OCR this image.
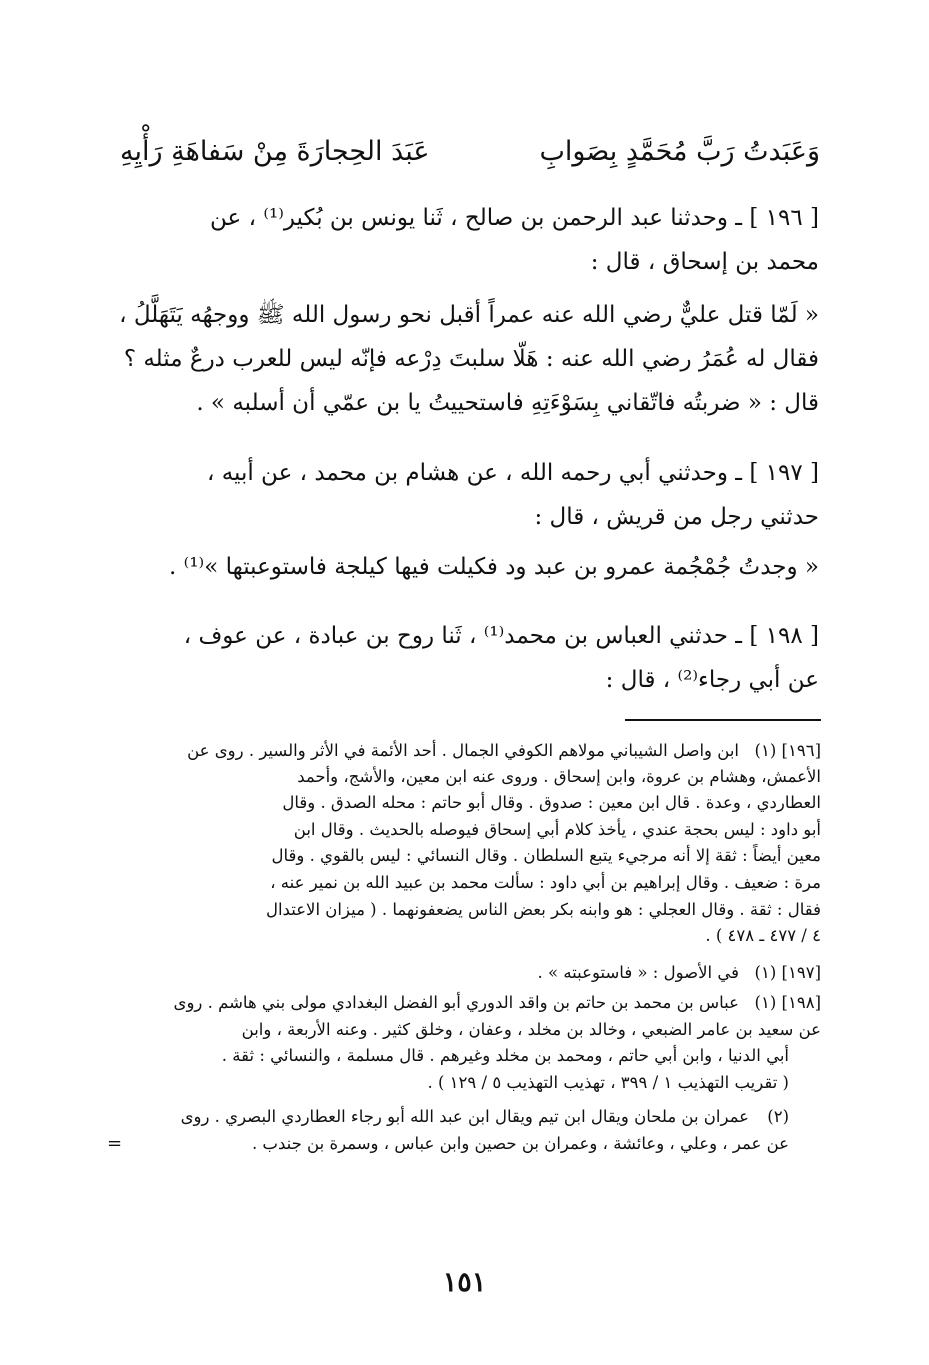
وَعَبَدتُ رَبَّ مُحَمَّدٍ بِصَوابِ
عَبَدَ الحِجارَةَ مِنْ سَفاهَةِ رَأْيِهِ
[ ١٩٦ ] ـ وحدثنا عبد الرحمن بن صالح ، ثَنا يونس بن بُكير⁽¹⁾ ، عن
محمد بن إسحاق ، قال :
« لَمّا قتل عليٌّ رضي الله عنه عمراً أقبل نحو رسول الله ﷺ ووجهُه يَتَهَلَّلُ ،
فقال له عُمَرُ رضي الله عنه : هَلّا سلبتَ دِرْعه فإنّه ليس للعرب درعٌ مثله ؟
قال : « ضربتُه فاتّقاني بِسَوْءَتِهِ فاستحييتُ يا بن عمّي أن أسلبه » .
[ ١٩٧ ] ـ وحدثني أبي رحمه الله ، عن هشام بن محمد ، عن أبيه ،
حدثني رجل من قريش ، قال :
« وجدتُ جُمْجُمة عمرو بن عبد ود فكيلت فيها كيلجة فاستوعبتها »⁽¹⁾ .
[ ١٩٨ ] ـ حدثني العباس بن محمد⁽¹⁾ ، ثَنا روح بن عبادة ، عن عوف ،
عن أبي رجاء⁽²⁾ ، قال :
[١٩٦] (١)
ابن واصل الشيباني مولاهم الكوفي الجمال . أحد الأئمة في الأثر والسير . روى عن
الأعمش، وهشام بن عروة، وابن إسحاق . وروى عنه ابن معين، والأشج، وأحمد
العطاردي ، وعدة . قال ابن معين : صدوق . وقال أبو حاتم : محله الصدق . وقال
أبو داود : ليس بحجة عندي ، يأخذ كلام أبي إسحاق فيوصله بالحديث . وقال ابن
معين أيضاً : ثقة إلا أنه مرجيء يتبع السلطان . وقال النسائي : ليس بالقوي . وقال
مرة : ضعيف . وقال إبراهيم بن أبي داود : سألت محمد بن عبيد الله بن نمير عنه ،
فقال : ثقة . وقال العجلي : هو وابنه بكر بعض الناس يضعفونهما . ( ميزان الاعتدال
٤ / ٤٧٧ ـ ٤٧٨ ) .
[١٩٧] (١)
في الأصول : « فاستوعبته » .
[١٩٨] (١)
عباس بن محمد بن حاتم بن واقد الدوري أبو الفضل البغدادي مولى بني هاشم . روى
عن سعيد بن عامر الضبعي ، وخالد بن مخلد ، وعفان ، وخلق كثير . وعنه الأربعة ، وابن
أبي الدنيا ، وابن أبي حاتم ، ومحمد بن مخلد وغيرهم . قال مسلمة ، والنسائي : ثقة .
( تقريب التهذيب ١ / ٣٩٩ ، تهذيب التهذيب ٥ / ١٢٩ ) .
(٢)
عمران بن ملحان ويقال ابن تيم ويقال ابن عبد الله أبو رجاء العطاردي البصري . روى
عن عمر ، وعلي ، وعائشة ، وعمران بن حصين وابن عباس ، وسمرة بن جندب .
=
١٥١
